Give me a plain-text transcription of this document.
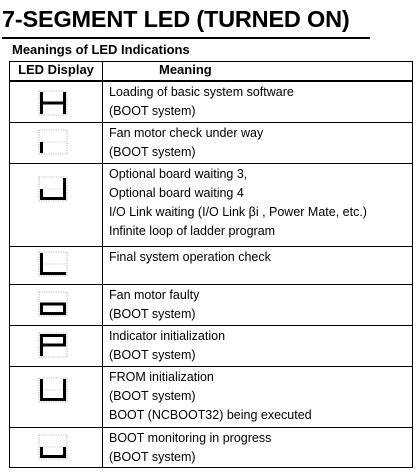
7-SEGMENT LED (TURNED ON)
Meanings of LED Indications
LED Display	Meaning

Loading of basic system software
(BOOT system)

Fan motor check under way
(BOOT system)

Optional board waiting 3,
Optional board waiting 4
I/O Link waiting (I/O Link βi , Power Mate, etc.)
Infinite loop of ladder program

Final system operation check

Fan motor faulty
(BOOT system)

Indicator initialization
(BOOT system)

FROM initialization
(BOOT system)
BOOT (NCBOOT32) being executed

BOOT monitoring in progress
(BOOT system)
